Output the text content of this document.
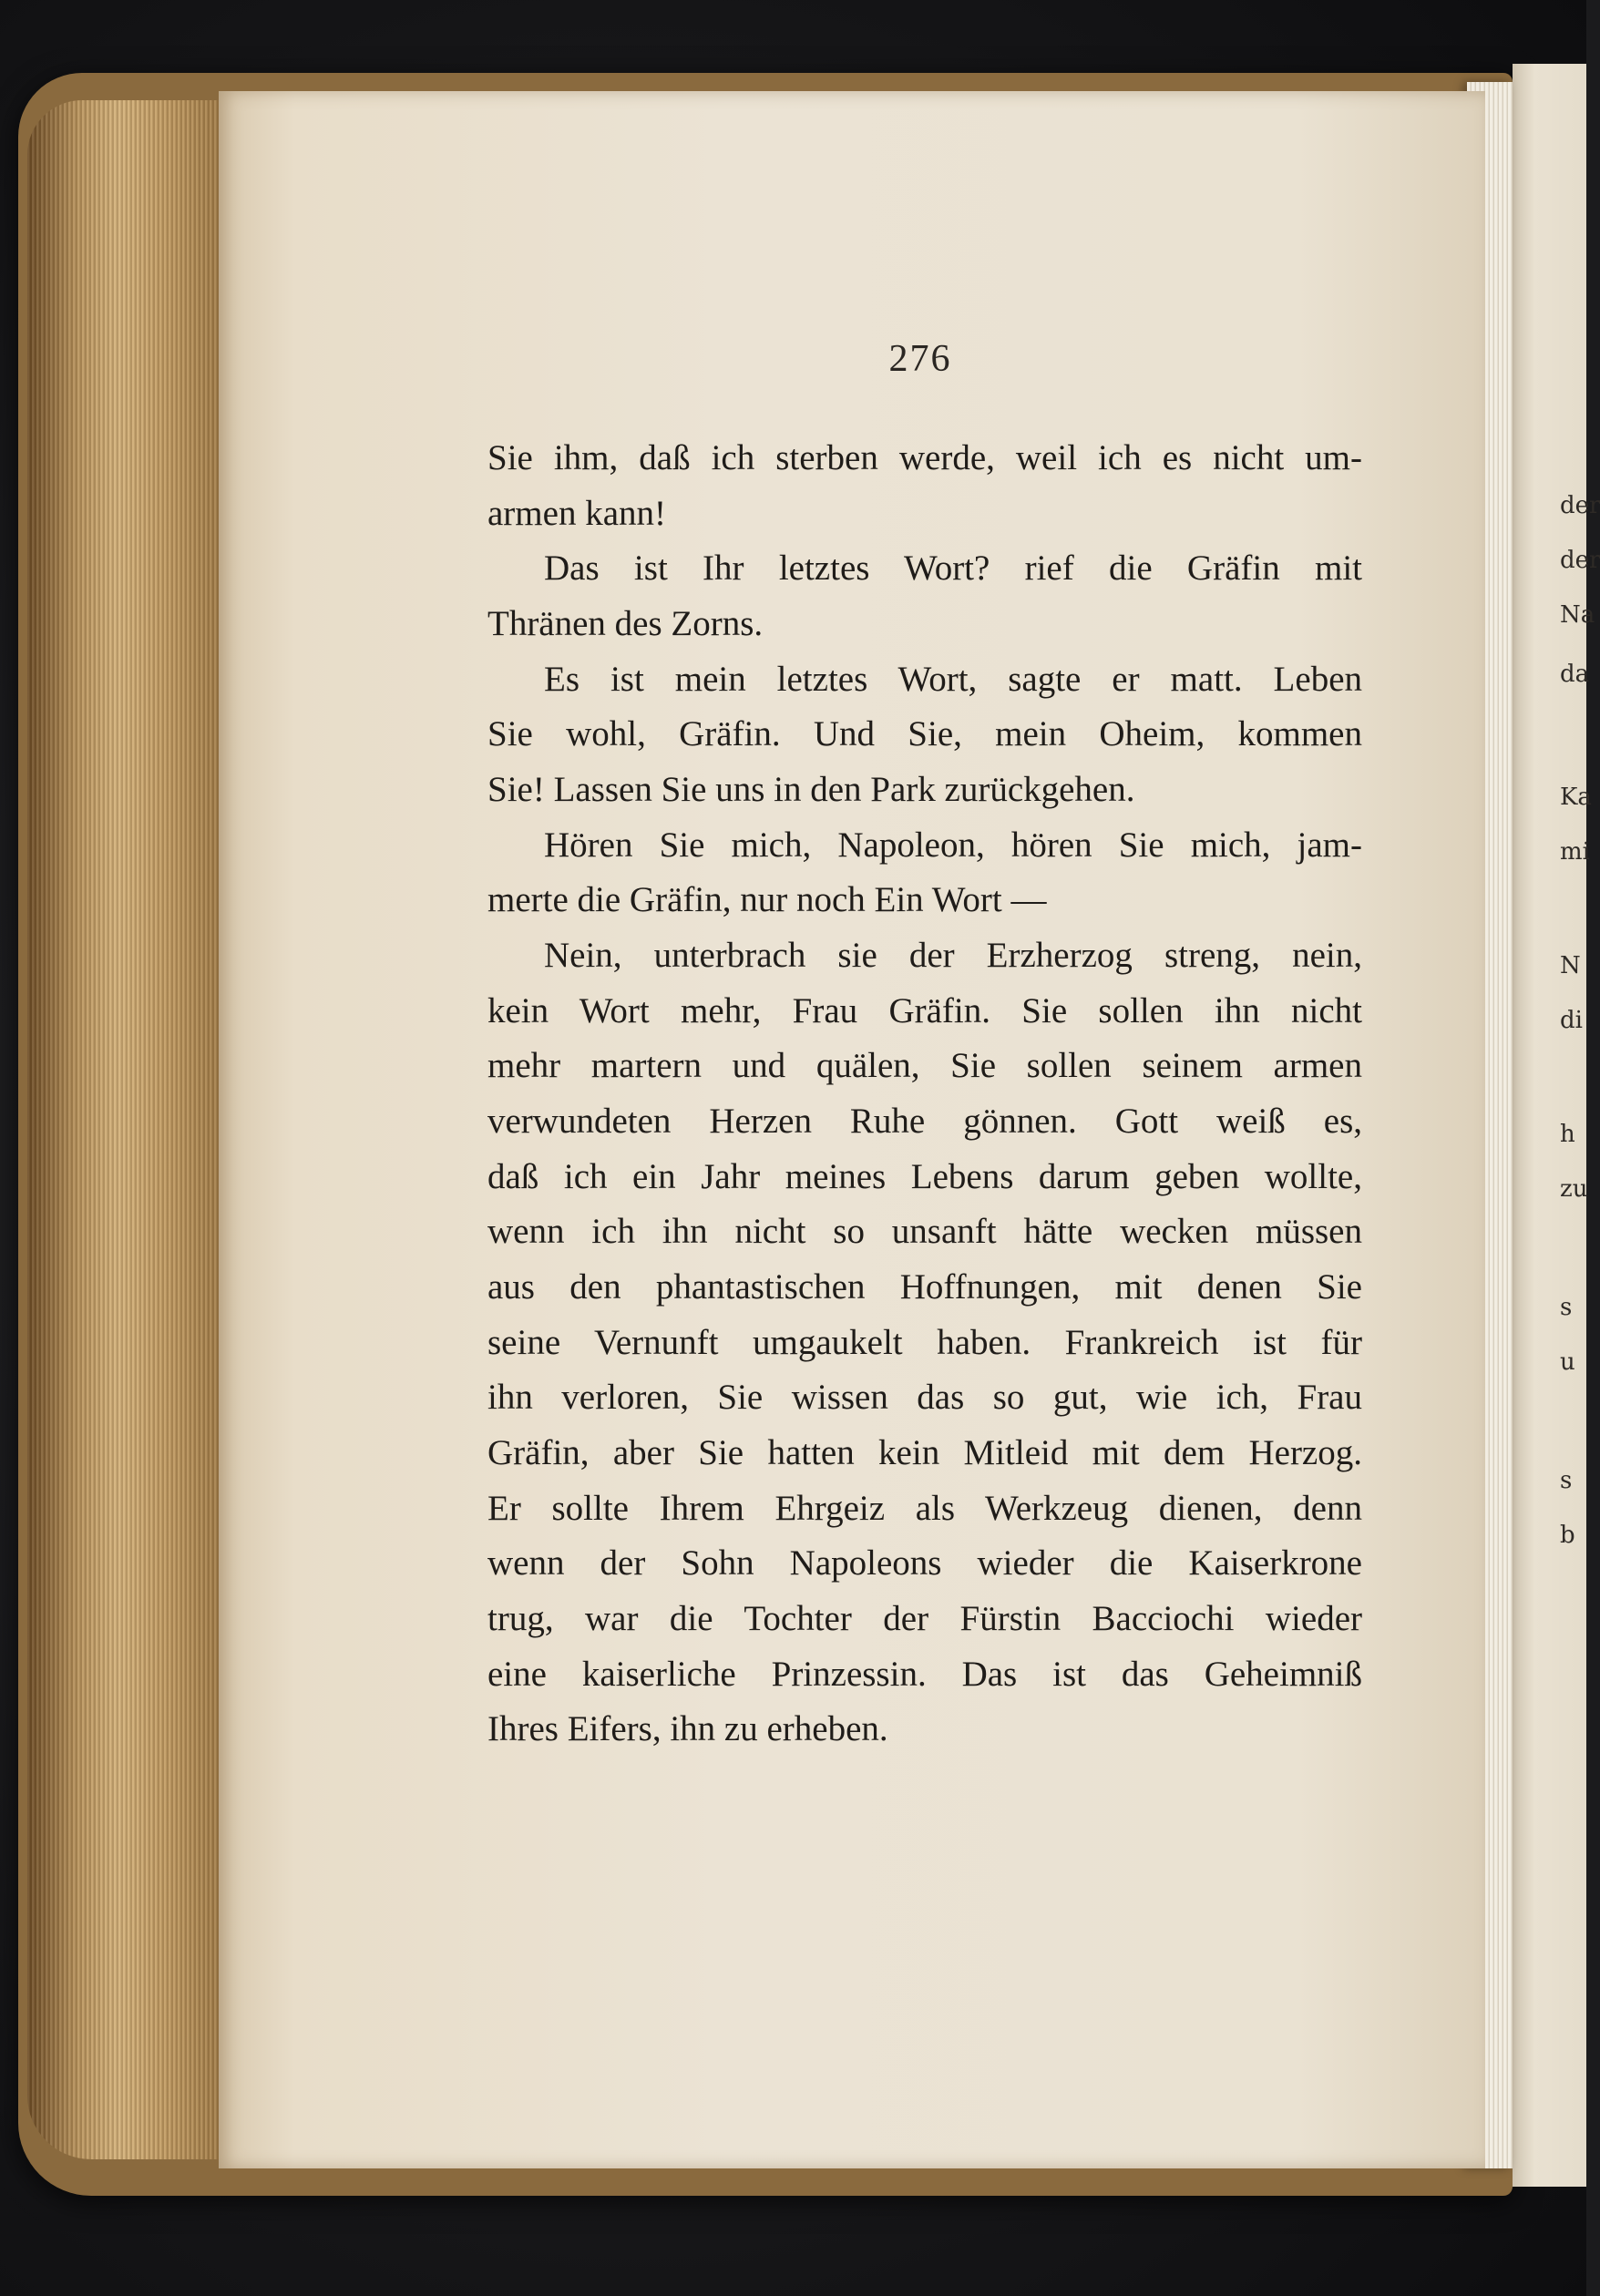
276
Sie ihm, daß ich sterben werde, weil ich es nicht um-
armen kann!
Das ist Ihr letztes Wort? rief die Gräfin mit
Thränen des Zorns.
Es ist mein letztes Wort, sagte er matt. Leben
Sie wohl, Gräfin. Und Sie, mein Oheim, kommen
Sie! Lassen Sie uns in den Park zurückgehen.
Hören Sie mich, Napoleon, hören Sie mich, jam-
merte die Gräfin, nur noch Ein Wort —
Nein, unterbrach sie der Erzherzog streng, nein,
kein Wort mehr, Frau Gräfin. Sie sollen ihn nicht
mehr martern und quälen, Sie sollen seinem armen
verwundeten Herzen Ruhe gönnen. Gott weiß es,
daß ich ein Jahr meines Lebens darum geben wollte,
wenn ich ihn nicht so unsanft hätte wecken müssen
aus den phantastischen Hoffnungen, mit denen Sie
seine Vernunft umgaukelt haben. Frankreich ist für
ihn verloren, Sie wissen das so gut, wie ich, Frau
Gräfin, aber Sie hatten kein Mitleid mit dem Herzog.
Er sollte Ihrem Ehrgeiz als Werkzeug dienen, denn
wenn der Sohn Napoleons wieder die Kaiserkrone
trug, war die Tochter der Fürstin Bacciochi wieder
eine kaiserliche Prinzessin. Das ist das Geheimniß
Ihres Eifers, ihn zu erheben.
der
der
Na
da
Ka
mi
N
di
h
zu
s
u
s
b
